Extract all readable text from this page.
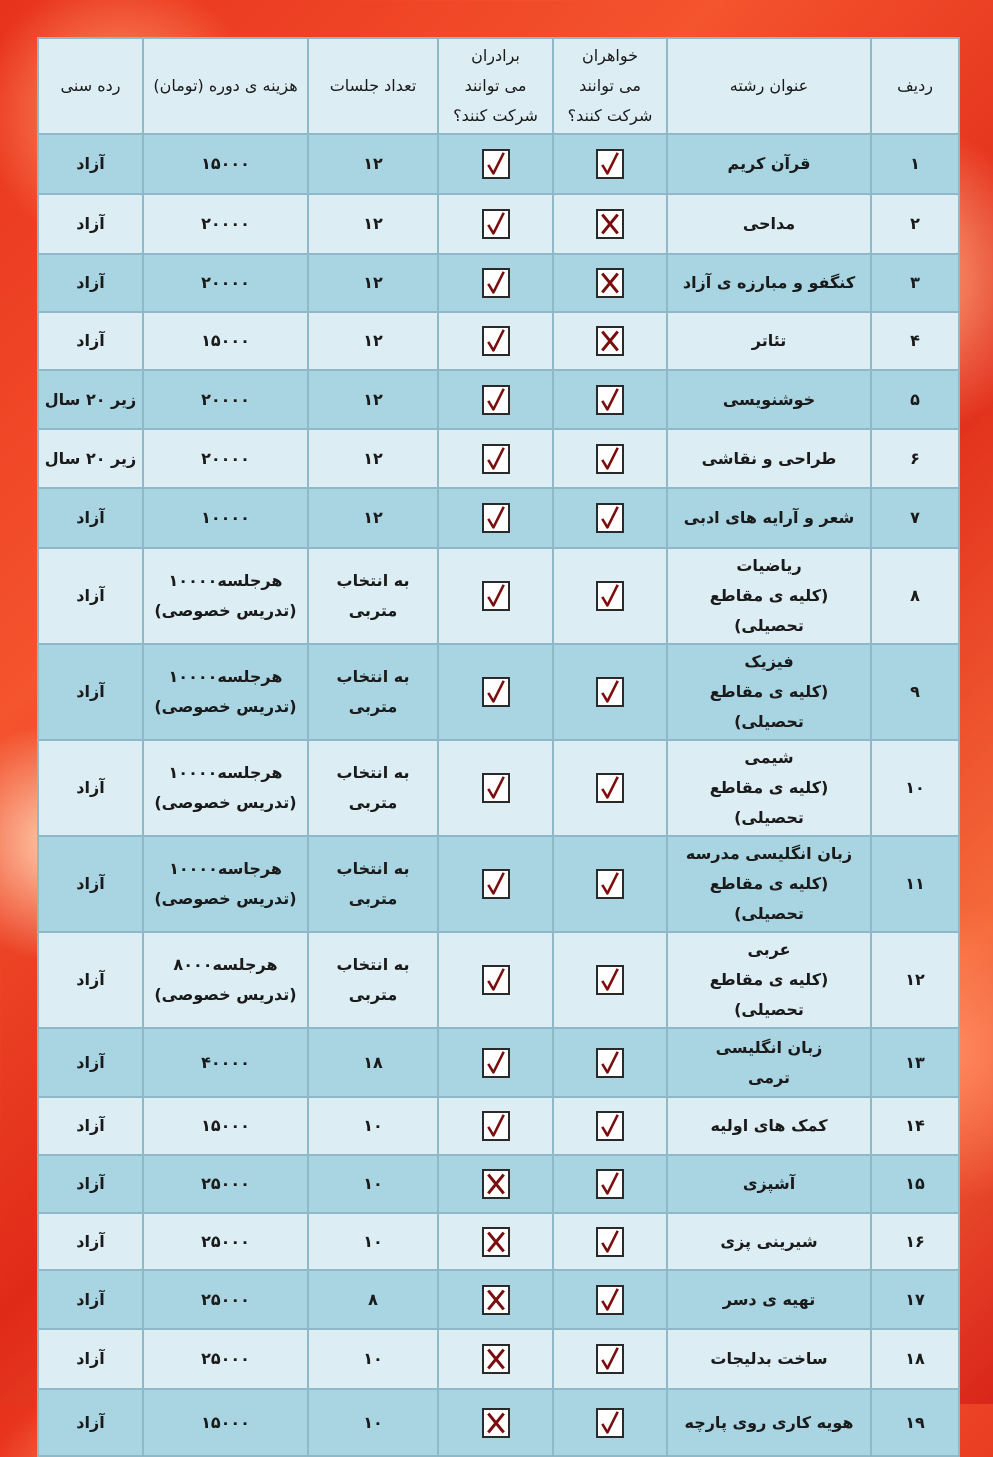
ردیف	عنوان رشته	خواهران
می توانند
شرکت کنند؟	برادران
می توانند
شرکت کنند؟	تعداد جلسات	هزینه ی دوره (تومان)	رده سنی
۱	قرآن کریم			۱۲	۱۵۰۰۰	آزاد
۲	مداحی			۱۲	۲۰۰۰۰	آزاد
۳	کنگفو و مبارزه ی آزاد			۱۲	۲۰۰۰۰	آزاد
۴	تئاتر			۱۲	۱۵۰۰۰	آزاد
۵	خوشنویسی			۱۲	۲۰۰۰۰	زیر ۲۰ سال
۶	طراحی و نقاشی			۱۲	۲۰۰۰۰	زیر ۲۰ سال
۷	شعر و آرایه های ادبی			۱۲	۱۰۰۰۰	آزاد
۸	ریاضیات
(کلیه ی مقاطع تحصیلی)			به انتخاب متربی	هرجلسه۱۰۰۰۰
(تدریس خصوصی)	آزاد
۹	فیزیک
(کلیه ی مقاطع تحصیلی)			به انتخاب متربی	هرجلسه۱۰۰۰۰
(تدریس خصوصی)	آزاد
۱۰	شیمی
(کلیه ی مقاطع تحصیلی)			به انتخاب متربی	هرجلسه۱۰۰۰۰
(تدریس خصوصی)	آزاد
۱۱	زبان انگلیسی مدرسه
(کلیه ی مقاطع تحصیلی)			به انتخاب متربی	هرجاسه۱۰۰۰۰
(تدریس خصوصی)	آزاد
۱۲	عربی
(کلیه ی مقاطع تحصیلی)			به انتخاب متربی	هرجلسه۸۰۰۰
(تدریس خصوصی)	آزاد
۱۳	زبان انگلیسی
ترمی			۱۸	۴۰۰۰۰	آزاد
۱۴	کمک های اولیه			۱۰	۱۵۰۰۰	آزاد
۱۵	آشپزی			۱۰	۲۵۰۰۰	آزاد
۱۶	شیرینی پزی			۱۰	۲۵۰۰۰	آزاد
۱۷	تهیه ی دسر			۸	۲۵۰۰۰	آزاد
۱۸	ساخت بدلیجات			۱۰	۲۵۰۰۰	آزاد
۱۹	هویه کاری روی پارچه			۱۰	۱۵۰۰۰	آزاد
